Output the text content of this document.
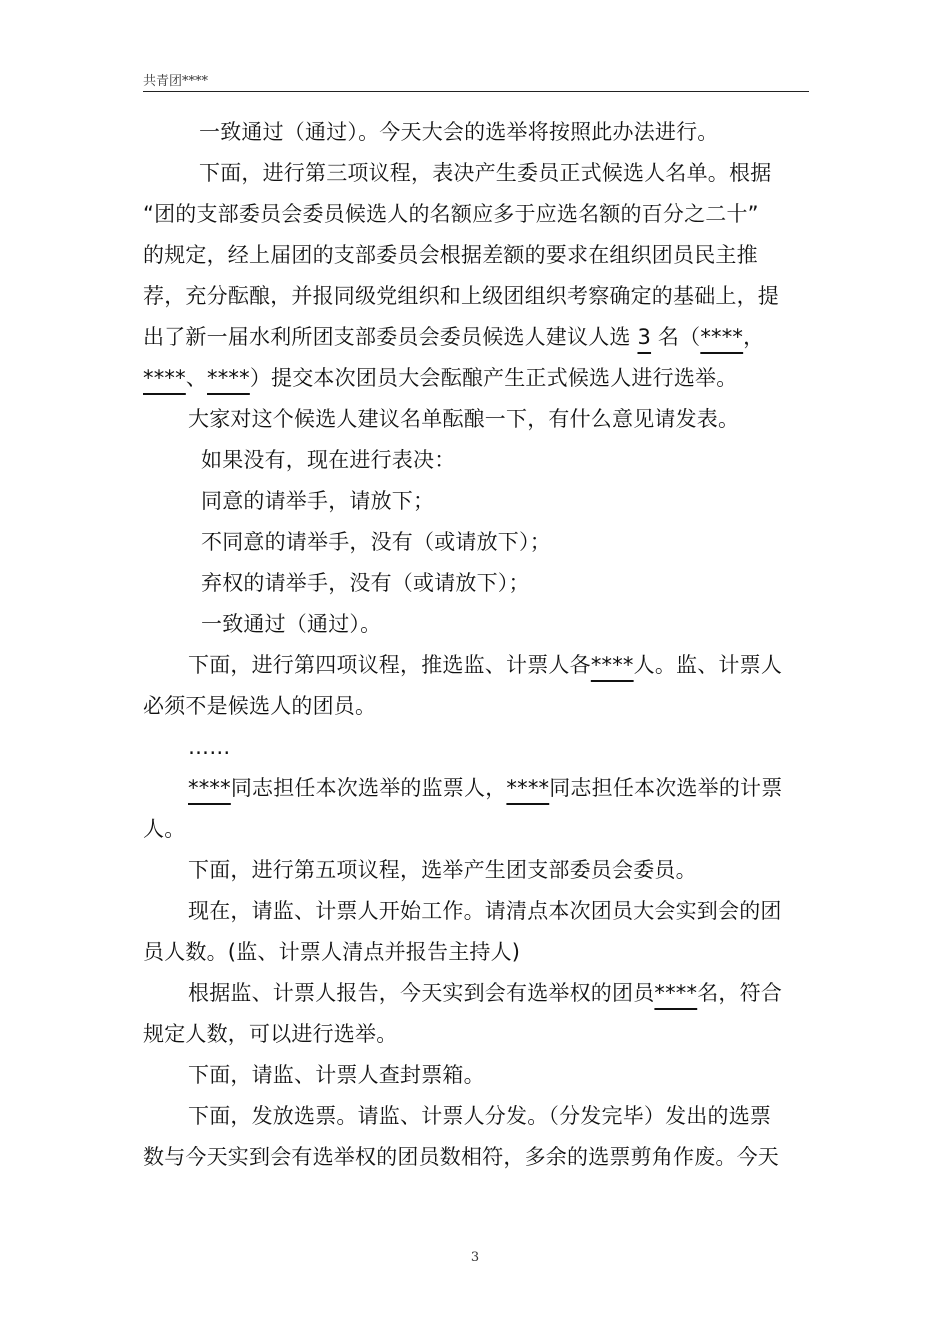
共青团****
一致通过（通过）。今天大会的选举将按照此办法进行。
下面，进行第三项议程，表决产生委员正式候选人名单。根据
“团的支部委员会委员候选人的名额应多于应选名额的百分之二十”
的规定，经上届团的支部委员会根据差额的要求在组织团员民主推
荐，充分酝酿，并报同级党组织和上级团组织考察确定的基础上，提
出了新一届水利所团支部委员会委员候选人建议人选 3 名（****，
****、****）提交本次团员大会酝酿产生正式候选人进行选举。
大家对这个候选人建议名单酝酿一下，有什么意见请发表。
如果没有，现在进行表决：
同意的请举手，请放下；
不同意的请举手，没有（或请放下）；
弃权的请举手，没有（或请放下）；
一致通过（通过）。
下面，进行第四项议程，推选监、计票人各****人。监、计票人
必须不是候选人的团员。
……
****同志担任本次选举的监票人，****同志担任本次选举的计票
人。
下面，进行第五项议程，选举产生团支部委员会委员。
现在，请监、计票人开始工作。请清点本次团员大会实到会的团
员人数。(监、计票人清点并报告主持人)
根据监、计票人报告，今天实到会有选举权的团员****名，符合
规定人数，可以进行选举。
下面，请监、计票人查封票箱。
下面，发放选票。请监、计票人分发。（分发完毕）发出的选票
数与今天实到会有选举权的团员数相符，多余的选票剪角作废。今天
3
